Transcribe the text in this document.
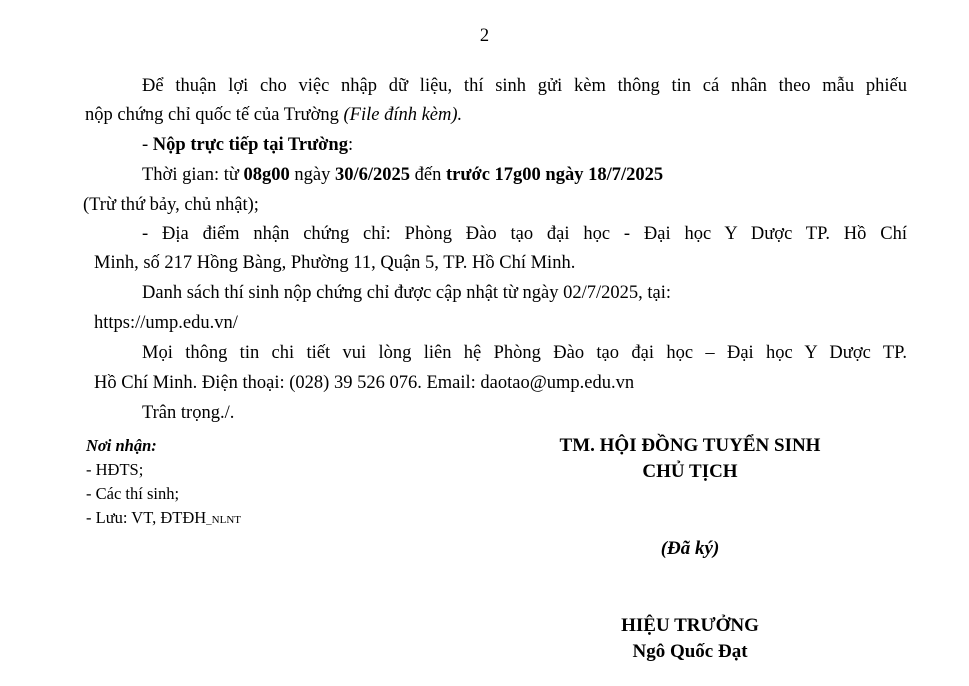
2
Để thuận lợi cho việc nhập dữ liệu, thí sinh gửi kèm thông tin cá nhân theo mẫu phiếu
nộp chứng chỉ quốc tế của Trường (File đính kèm).
- Nộp trực tiếp tại Trường:
Thời gian: từ 08g00 ngày 30/6/2025 đến trước 17g00 ngày 18/7/2025
(Trừ thứ bảy, chủ nhật);
- Địa điểm nhận chứng chỉ: Phòng Đào tạo đại học - Đại học Y Dược TP. Hồ Chí
Minh, số 217 Hồng Bàng, Phường 11, Quận 5, TP. Hồ Chí Minh.
Danh sách thí sinh nộp chứng chỉ được cập nhật từ ngày 02/7/2025, tại:
https://ump.edu.vn/
Mọi thông tin chi tiết vui lòng liên hệ Phòng Đào tạo đại học – Đại học Y Dược TP.
Hồ Chí Minh. Điện thoại: (028) 39 526 076. Email: daotao@ump.edu.vn
Trân trọng./.
Nơi nhận:
- HĐTS;
- Các thí sinh;
- Lưu: VT, ĐTĐH_NLNT
TM. HỘI ĐỒNG TUYỂN SINH
CHỦ TỊCH
(Đã ký)
HIỆU TRƯỞNG
Ngô Quốc Đạt
